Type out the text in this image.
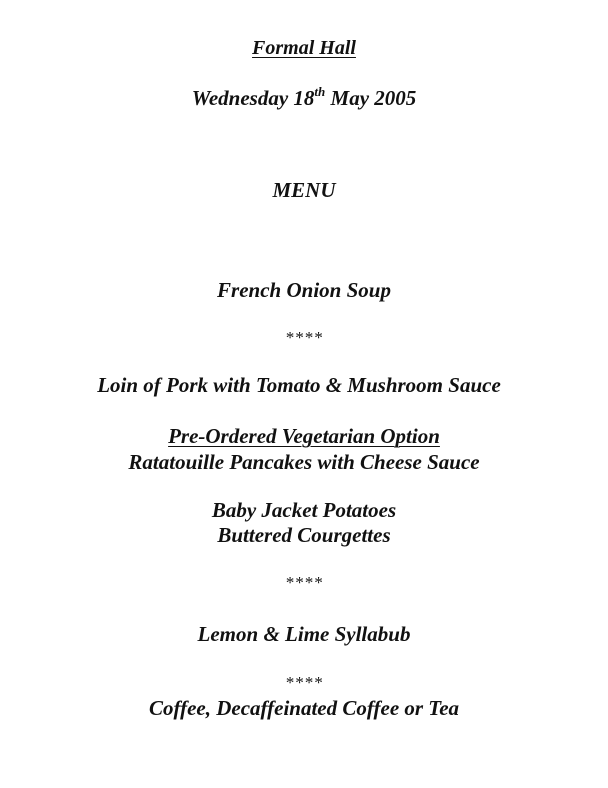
Formal Hall
Wednesday 18th May 2005
MENU
French Onion Soup
****
Loin of Pork with Tomato & Mushroom Sauce
Pre-Ordered Vegetarian Option
Ratatouille Pancakes with Cheese Sauce
Baby Jacket Potatoes
Buttered Courgettes
****
Lemon & Lime Syllabub
****
Coffee, Decaffeinated Coffee or Tea
